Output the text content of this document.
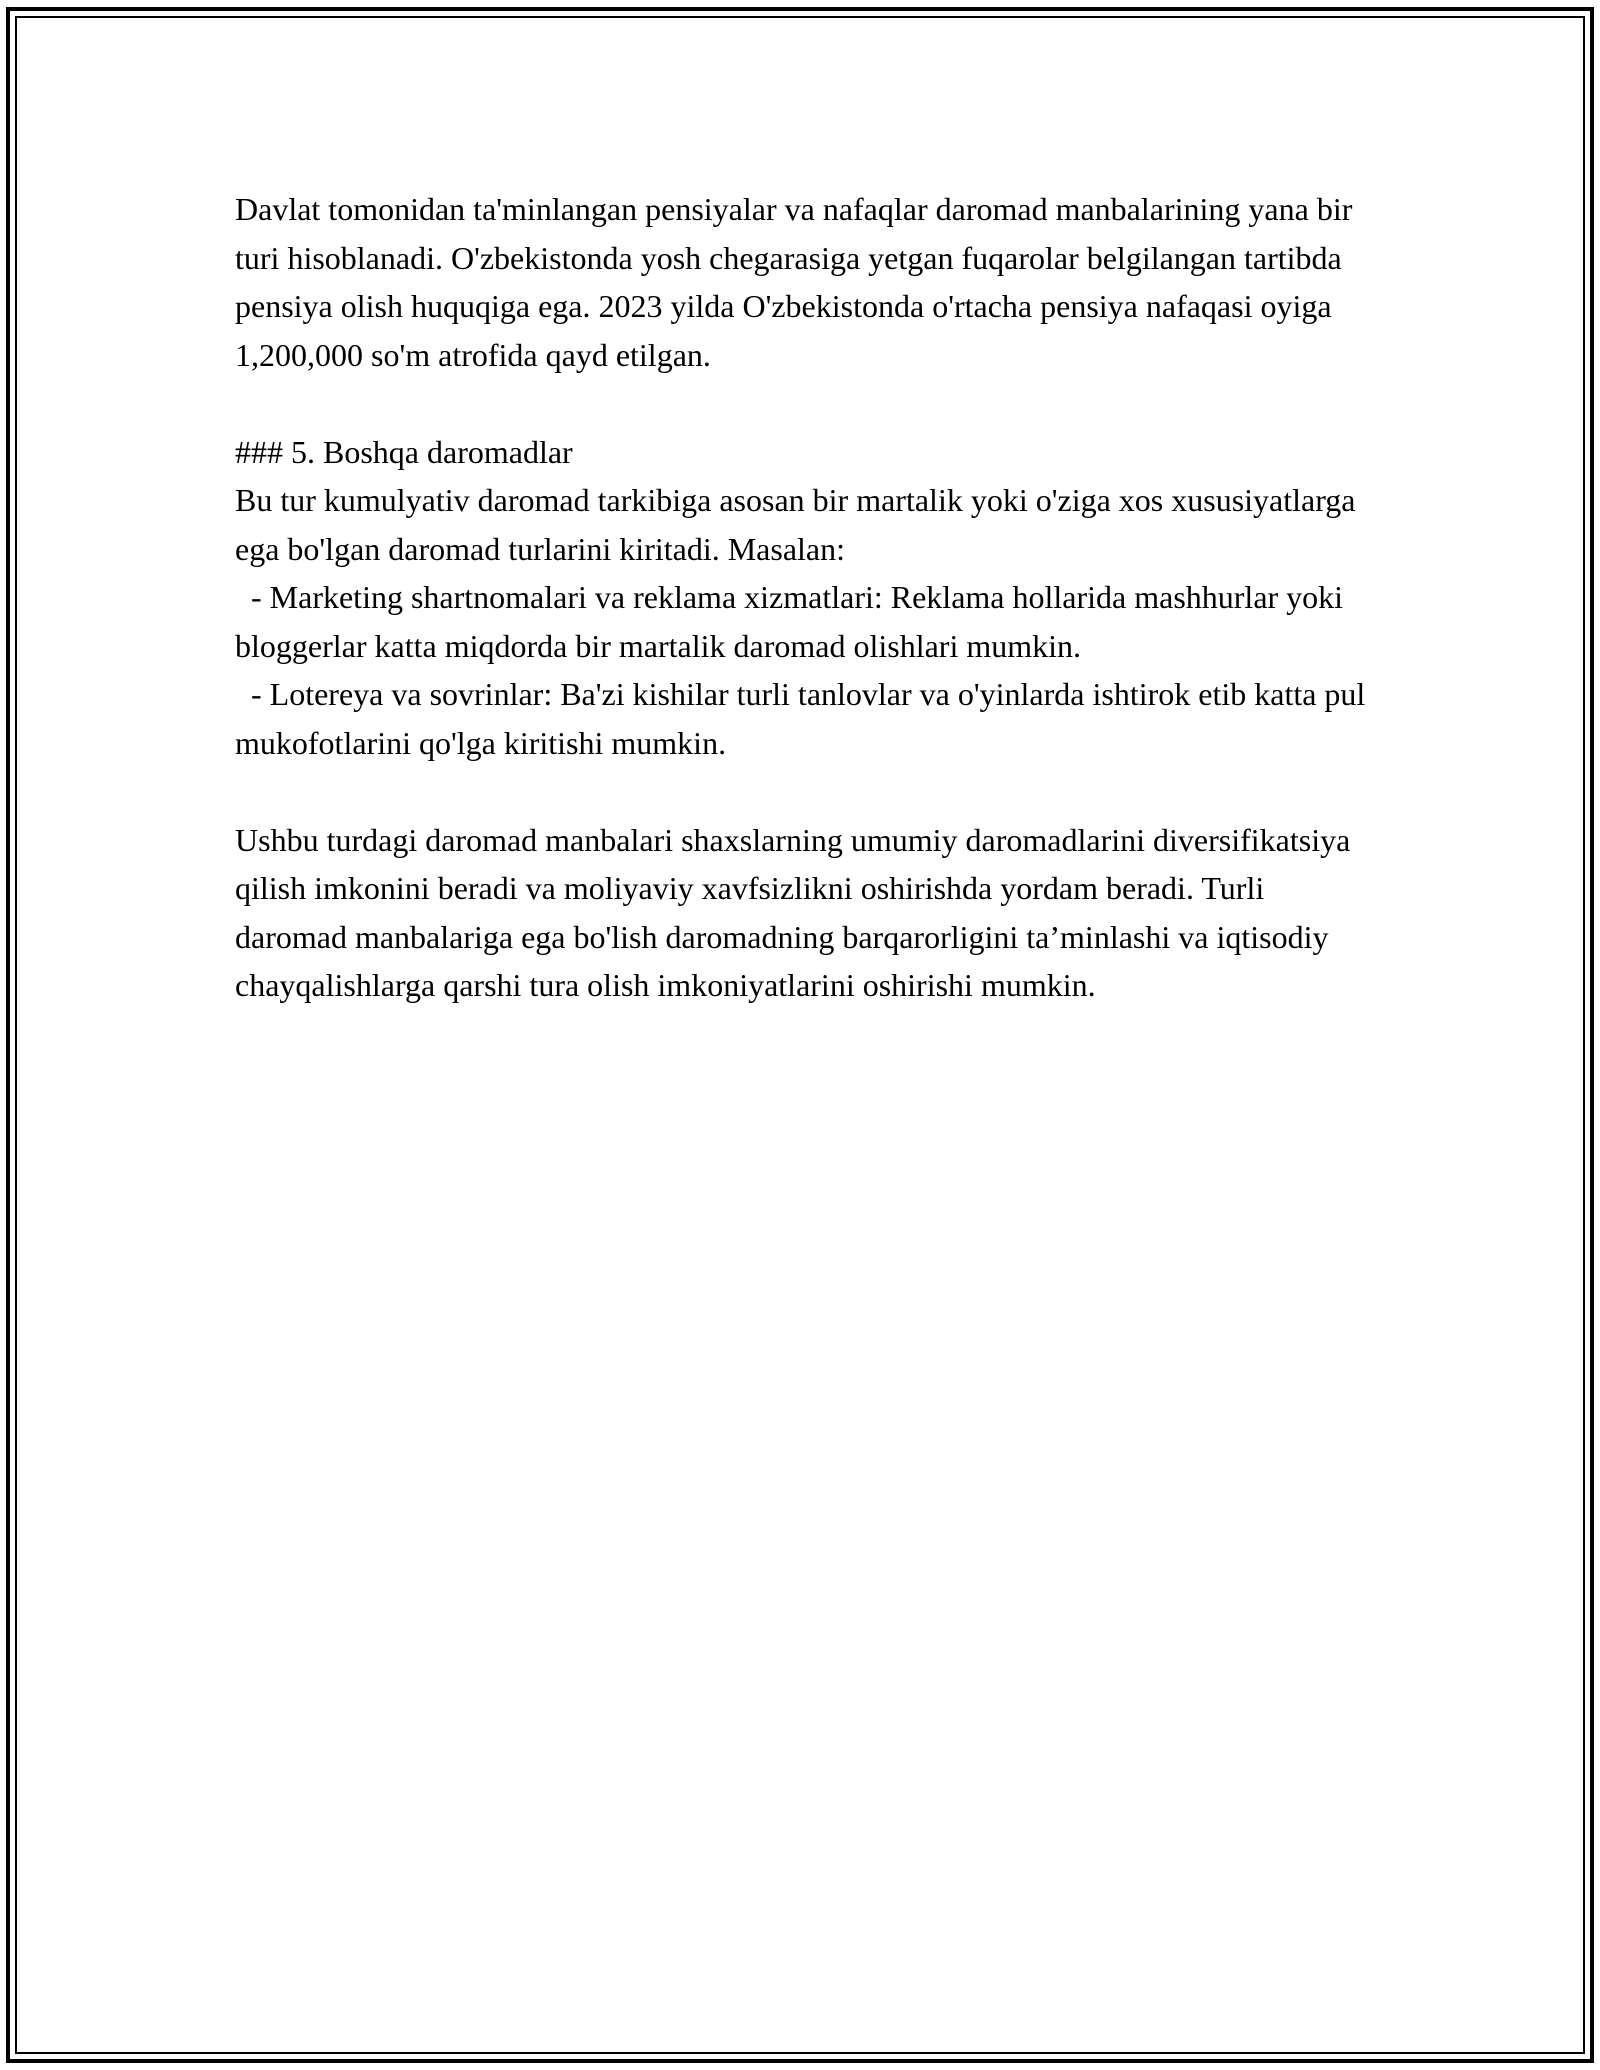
Davlat tomonidan ta'minlangan pensiyalar va nafaqlar daromad manbalarining yana bir turi hisoblanadi. O'zbekistonda yosh chegarasiga yetgan fuqarolar belgilangan tartibda pensiya olish huquqiga ega. 2023 yilda O'zbekistonda o'rtacha pensiya nafaqasi oyiga 1,200,000 so'm atrofida qayd etilgan.

### 5. Boshqa daromadlar

Bu tur kumulyativ daromad tarkibiga asosan bir martalik yoki o'ziga xos xususiyatlarga ega bo'lgan daromad turlarini kiritadi. Masalan:

- Marketing shartnomalari va reklama xizmatlari: Reklama hollarida mashhurlar yoki bloggerlar katta miqdorda bir martalik daromad olishlari mumkin.

- Lotereya va sovrinlar: Ba'zi kishilar turli tanlovlar va o'yinlarda ishtirok etib katta pul mukofotlarini qo'lga kiritishi mumkin.

Ushbu turdagi daromad manbalari shaxslarning umumiy daromadlarini diversifikatsiya qilish imkonini beradi va moliyaviy xavfsizlikni oshirishda yordam beradi. Turli daromad manbalariga ega bo'lish daromadning barqarorligini ta’minlashi va iqtisodiy chayqalishlarga qarshi tura olish imkoniyatlarini oshirishi mumkin.
